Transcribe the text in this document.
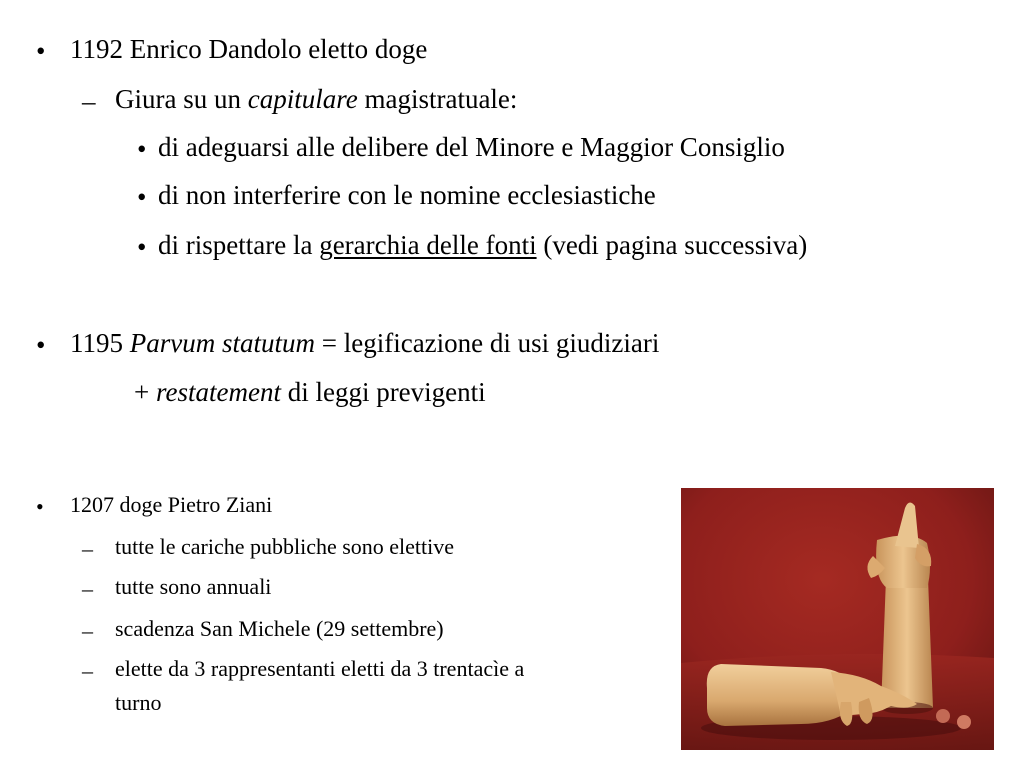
• 1192 Enrico Dandolo eletto doge
– Giura su un capitulare magistratuale:
• di adeguarsi alle delibere del Minore e Maggior Consiglio
• di non interferire con le nomine ecclesiastiche
• di rispettare la gerarchia delle fonti (vedi pagina successiva)
• 1195 Parvum statutum = legificazione di usi giudiziari
+ restatement di leggi previgenti
• 1207 doge Pietro Ziani
– tutte le cariche pubbliche sono elettive
– tutte sono annuali
– scadenza San Michele (29 settembre)
– elette da 3 rappresentanti eletti da 3 trentacìe a
turno
